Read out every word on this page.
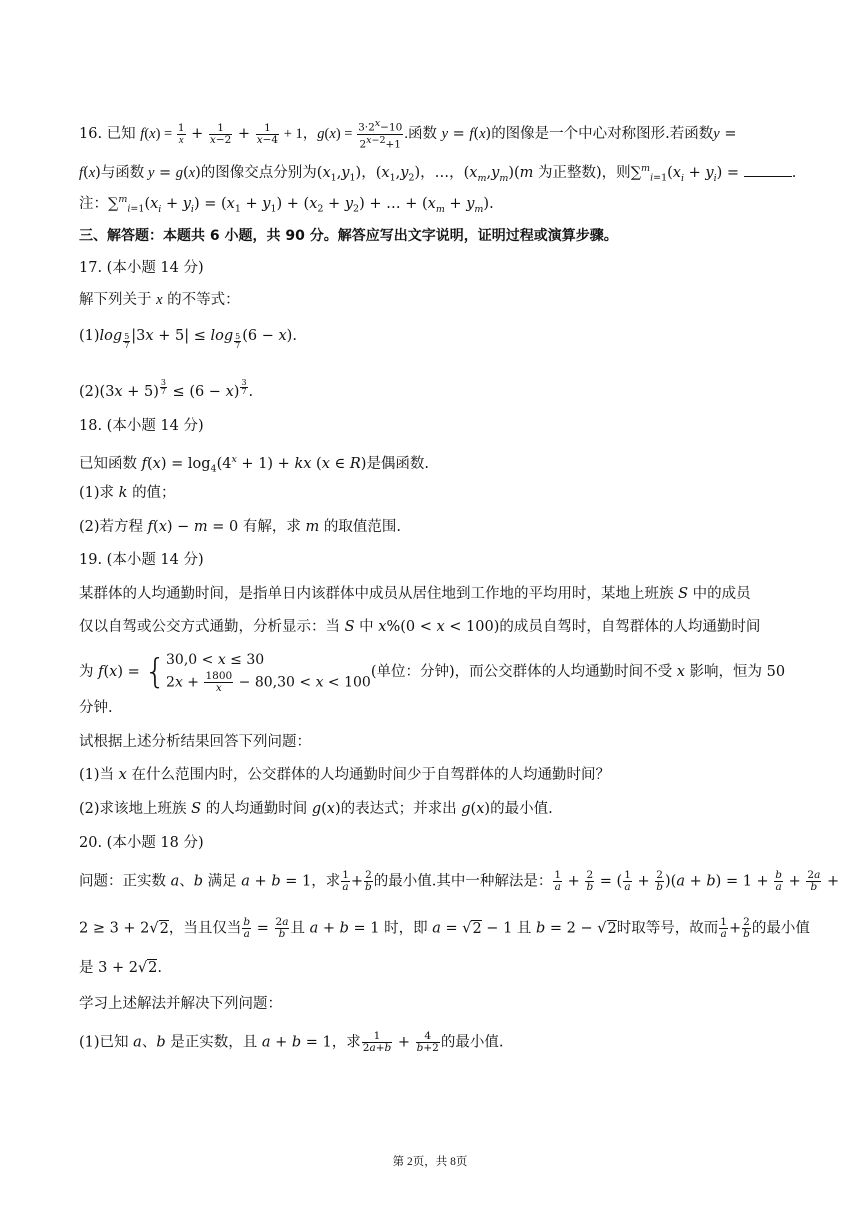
16. 已知 $f(x) = \frac{1}{x} + \frac{1}{x-2} + \frac{1}{x-4} + 1$，$g(x) = \frac{3\cdot 2^x-10}{2^{x-2}+1}$ .函数 y = f(x)的图像是一个中心对称图形.若函数y =
f(x)与函数 y = g(x)的图像交点分别为$(x_1,y_1)$，$(x_1,y_2)$，…，$(x_m,y_m)(m$ 为正整数)，则$\sum^m_{i=1}(x_i + y_i)$ =	.
注：$\sum^m_{i=1}(x_i + y_i) = (x_1 + y_1) + (x_2 + y_2)$ + … + $(x_m + y_m)$.
三、解答题：本题共 6 小题，共 90 分。解答应写出文字说明，证明过程或演算步骤。
17. (本小题 14 分)
解下列关于 x 的不等式：
(1)log $_{\frac{5}{7}}$ |3x + 5| ≤ log $_{\frac{5}{7}}$ (6 − x).
(2)(3x + 5) $^{\frac{3}{7}}$ ≤ (6 − x) $^{\frac{3}{7}}$ .
18. (本小题 14 分)
已知函数 $f(x) = \log_4(4^x + 1)$ + kx (x ∈ R)是偶函数.
(1)求 k 的值；
(2)若方程 f(x) − m = 0 有解，求 m 的取值范围.
19. (本小题 14 分)
某群体的人均通勤时间，是指单日内该群体中成员从居住地到工作地的平均用时，某地上班族 S 中的成员
仅以自驾或公交方式通勤，分析显示：当 S 中 x%(0 < x < 100)的成员自驾时，自驾群体的人均通勤时间
为 f(x) = { 30,0 < x ≤ 30
$2x + \frac{1800}{x} - 80,30 < x < 100$
(单位：分钟)，而公交群体的人均通勤时间不受 x 影响，恒为 50
分钟.
试根据上述分析结果回答下列问题：
(1)当 x 在什么范围内时，公交群体的人均通勤时间少于自驾群体的人均通勤时间？
(2)求该地上班族 S 的人均通勤时间 g(x)的表达式；并求出 g(x)的最小值.
20. (本小题 18 分)
问题：正实数 a、b 满足 a + b = 1，求 $\frac{1}{a} + \frac{2}{b}$ 的最小值.其中一种解法是： $\frac{1}{a} + \frac{2}{b}$ = ( $\frac{1}{a} + \frac{2}{b} )(a + b) = 1 + \frac{b}{a} + \frac{2a}{b}$ +
2 ≥ 3 + 2√2，当且仅当 $\frac{b}{a} = \frac{2a}{b}$ 且 a + b = 1 时，即 a = √2 − 1 且 b = 2 − √2时取等号，故而 $\frac{1}{a} + \frac{2}{b}$ 的最小值
是 3 + 2√2.
学习上述解法并解决下列问题：
(1)已知 a、b 是正实数，且 a + b = 1，求 $\frac{1}{2a+b} + \frac{4}{b+2}$ 的最小值.
第 2页，共 8页
